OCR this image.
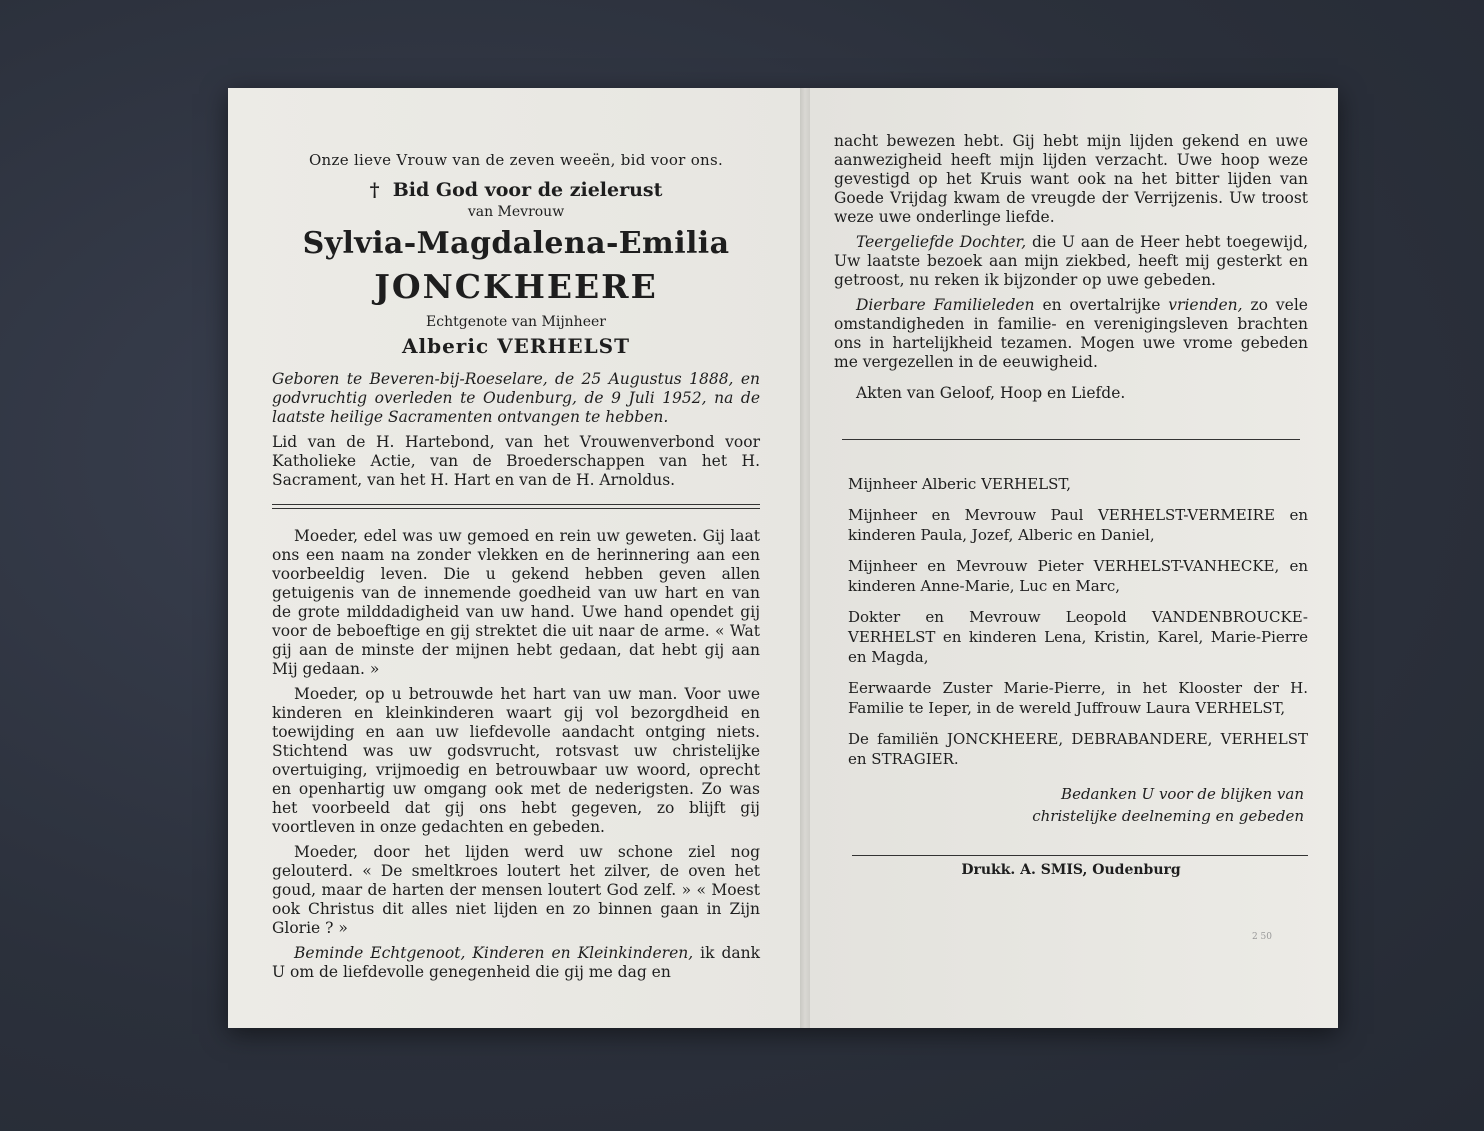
Onze lieve Vrouw van de zeven weeën, bid voor ons.

† Bid God voor de zielerust

van Mevrouw

Sylvia-Magdalena-Emilia

JONCKHEERE

Echtgenote van Mijnheer

Alberic VERHELST

Geboren te Beveren-bij-Roeselare, de 25 Augustus 1888, en godvruchtig overleden te Oudenburg, de 9 Juli 1952, na de laatste heilige Sacramenten ontvangen te hebben.

Lid van de H. Hartebond, van het Vrouwenverbond voor Katholieke Actie, van de Broederschappen van het H. Sacrament, van het H. Hart en van de H. Arnoldus.

Moeder, edel was uw gemoed en rein uw geweten. Gij laat ons een naam na zonder vlekken en de herinnering aan een voorbeeldig leven. Die u gekend hebben geven allen getuigenis van de innemende goedheid van uw hart en van de grote milddadigheid van uw hand. Uwe hand opendet gij voor de beboeftige en gij strektet die uit naar de arme. « Wat gij aan de minste der mijnen hebt gedaan, dat hebt gij aan Mij gedaan. »

Moeder, op u betrouwde het hart van uw man. Voor uwe kinderen en kleinkinderen waart gij vol bezorgdheid en toewijding en aan uw liefdevolle aandacht ontging niets. Stichtend was uw godsvrucht, rotsvast uw christelijke overtuiging, vrijmoedig en betrouwbaar uw woord, oprecht en openhartig uw omgang ook met de nederigsten. Zo was het voorbeeld dat gij ons hebt gegeven, zo blijft gij voortleven in onze gedachten en gebeden.

Moeder, door het lijden werd uw schone ziel nog gelouterd. « De smeltkroes loutert het zilver, de oven het goud, maar de harten der mensen loutert God zelf. » « Moest ook Christus dit alles niet lijden en zo binnen gaan in Zijn Glorie ? »

Beminde Echtgenoot, Kinderen en Kleinkinderen, ik dank U om de liefdevolle genegenheid die gij me dag en

nacht bewezen hebt. Gij hebt mijn lijden gekend en uwe aanwezigheid heeft mijn lijden verzacht. Uwe hoop weze gevestigd op het Kruis want ook na het bitter lijden van Goede Vrijdag kwam de vreugde der Verrijzenis. Uw troost weze uwe onderlinge liefde.

Teergeliefde Dochter, die U aan de Heer hebt toegewijd, Uw laatste bezoek aan mijn ziekbed, heeft mij gesterkt en getroost, nu reken ik bijzonder op uwe gebeden.

Dierbare Familieleden en overtalrijke vrienden, zo vele omstandigheden in familie- en verenigingsleven brachten ons in hartelijkheid tezamen. Mogen uwe vrome gebeden me vergezellen in de eeuwigheid.

Akten van Geloof, Hoop en Liefde.

Mijnheer Alberic VERHELST,

Mijnheer en Mevrouw Paul VERHELST-VERMEIRE en kinderen Paula, Jozef, Alberic en Daniel,

Mijnheer en Mevrouw Pieter VERHELST-VANHECKE, en kinderen Anne-Marie, Luc en Marc,

Dokter en Mevrouw Leopold VANDENBROUCKE-VERHELST en kinderen Lena, Kristin, Karel, Marie-Pierre en Magda,

Eerwaarde Zuster Marie-Pierre, in het Klooster der H. Familie te Ieper, in de wereld Juffrouw Laura VERHELST,

De familiën JONCKHEERE, DEBRABANDERE, VERHELST en STRAGIER.

Bedanken U voor de blijken van
christelijke deelneming en gebeden

Drukk. A. SMIS, Oudenburg

2 50
